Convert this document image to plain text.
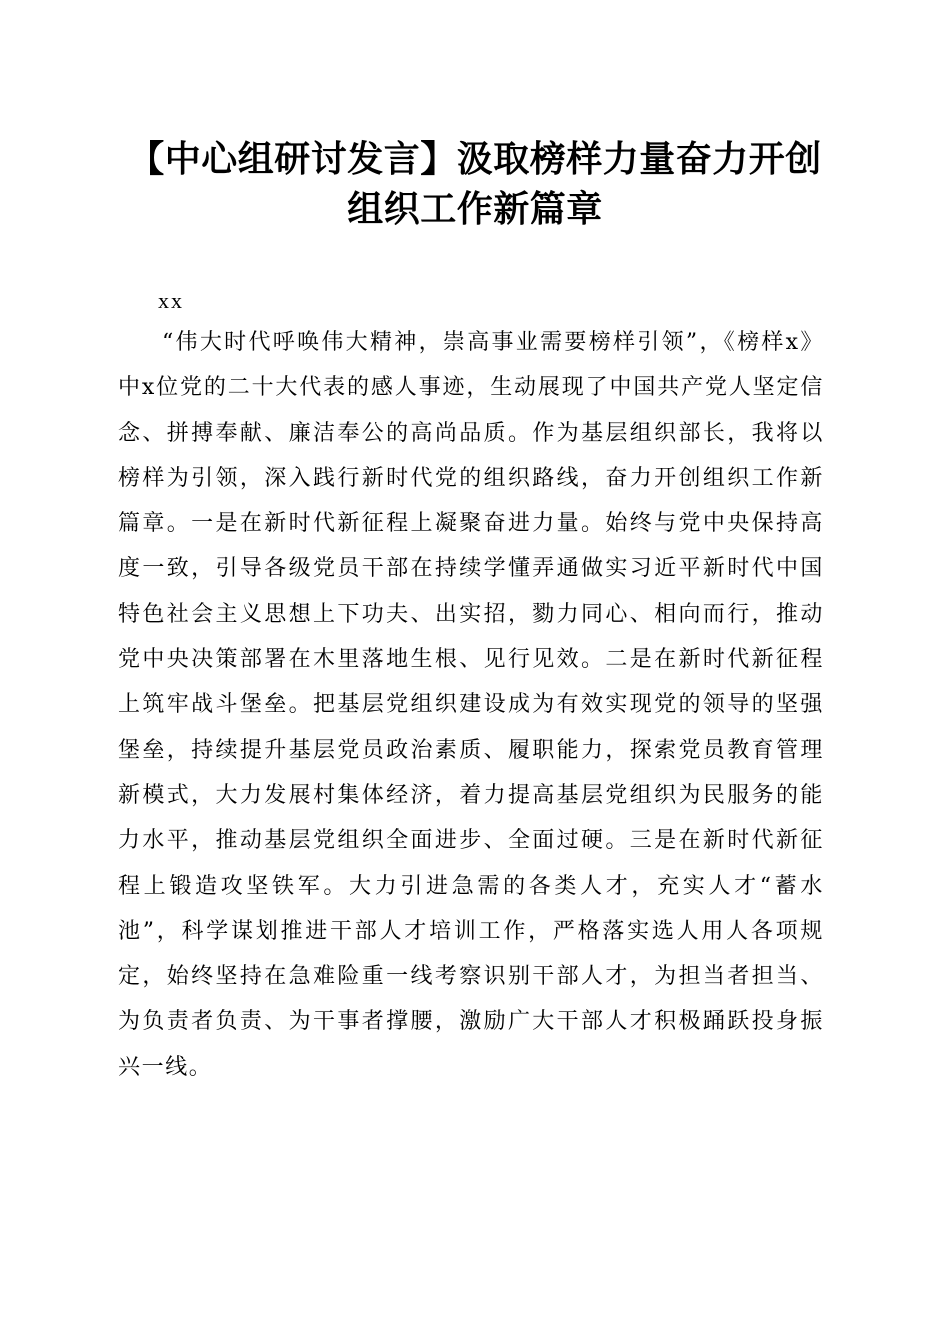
【中心组研讨发言】汲取榜样力量奋力开创组织工作新篇章

xx

“伟大时代呼唤伟大精神，崇高事业需要榜样引领”，《榜样x》中x位党的二十大代表的感人事迹，生动展现了中国共产党人坚定信念、拼搏奉献、廉洁奉公的高尚品质。作为基层组织部长，我将以榜样为引领，深入践行新时代党的组织路线，奋力开创组织工作新篇章。一是在新时代新征程上凝聚奋进力量。始终与党中央保持高度一致，引导各级党员干部在持续学懂弄通做实习近平新时代中国特色社会主义思想上下功夫、出实招，勠力同心、相向而行，推动党中央决策部署在木里落地生根、见行见效。二是在新时代新征程上筑牢战斗堡垒。把基层党组织建设成为有效实现党的领导的坚强堡垒，持续提升基层党员政治素质、履职能力，探索党员教育管理新模式，大力发展村集体经济，着力提高基层党组织为民服务的能力水平，推动基层党组织全面进步、全面过硬。三是在新时代新征程上锻造攻坚铁军。大力引进急需的各类人才，充实人才“蓄水池”，科学谋划推进干部人才培训工作，严格落实选人用人各项规定，始终坚持在急难险重一线考察识别干部人才，为担当者担当、为负责者负责、为干事者撑腰，激励广大干部人才积极踊跃投身振兴一线。
